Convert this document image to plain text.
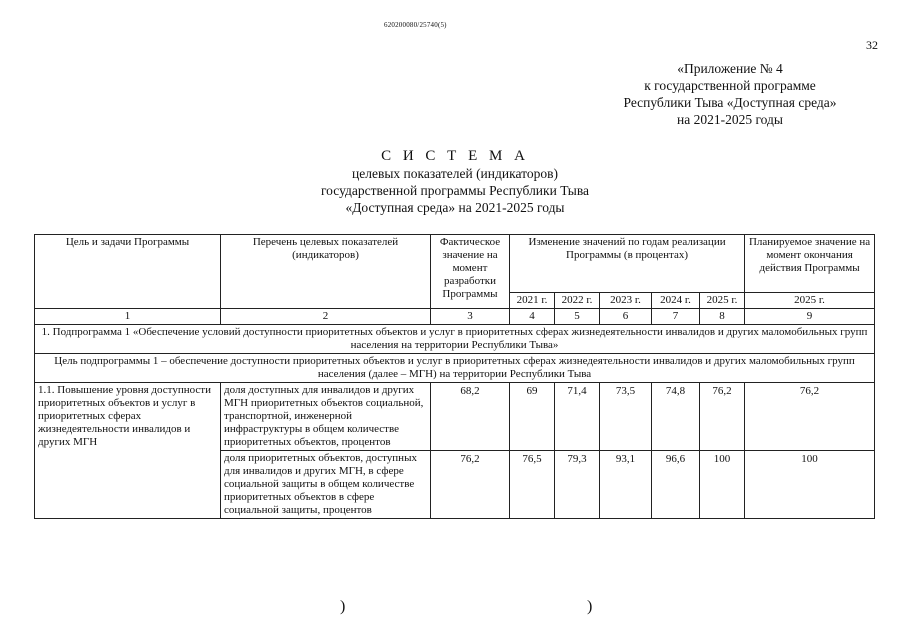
620200080/25740(5)
32
«Приложение № 4
к государственной программе
Республики Тыва «Доступная среда»
на 2021-2025 годы
С И С Т Е М А
целевых показателей (индикаторов)
государственной программы Республики Тыва
«Доступная среда» на 2021-2025 годы
Цель и задачи Программы	Перечень целевых показателей (индикаторов)	Фактическое значение на момент разработки Программы	Изменение значений по годам реализации Программы (в процентах)					Планируемое значение на момент окончания действия Программы
			2021 г.	2022 г.	2023 г.	2024 г.	2025 г.	2025 г.
1	2	3	4	5	6	7	8	9
1. Подпрограмма 1 «Обеспечение условий доступности приоритетных объектов и услуг в приоритетных сферах жизнедеятельности инвалидов и других маломобильных групп населения на территории Республики Тыва»								
Цель подпрограммы 1 – обеспечение доступности приоритетных объектов и услуг в приоритетных сферах жизнедеятельности инвалидов и других маломобильных групп населения (далее – МГН) на территории Республики Тыва								
1.1. Повышение уровня доступности приоритетных объектов и услуг в приоритетных сферах жизнедеятельности инвалидов и других МГН	доля доступных для инвалидов и других МГН приоритетных объектов социальной, транспортной, инженерной инфраструктуры в общем количестве приоритетных объектов, процентов	68,2	69	71,4	73,5	74,8	76,2	76,2
	доля приоритетных объектов, доступных для инвалидов и других МГН, в сфере социальной защиты в общем количестве приоритетных объектов в сфере социальной защиты, процентов	76,2	76,5	79,3	93,1	96,6	100	100
)	)
